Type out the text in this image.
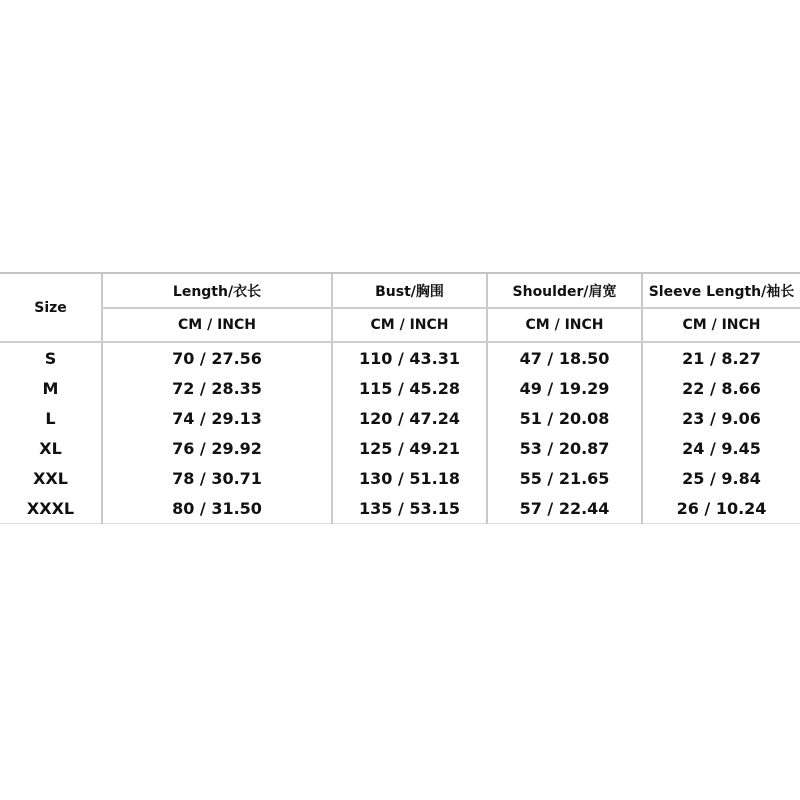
Size	Length/衣长	Bust/胸围	Shoulder/肩宽	Sleeve Length/袖长
	CM / INCH	CM / INCH	CM / INCH	CM / INCH
S	70 / 27.56	110 / 43.31	47 / 18.50	21 / 8.27
M	72 / 28.35	115 / 45.28	49 / 19.29	22 / 8.66
L	74 / 29.13	120 / 47.24	51 / 20.08	23 / 9.06
XL	76 / 29.92	125 / 49.21	53 / 20.87	24 / 9.45
XXL	78 / 30.71	130 / 51.18	55 / 21.65	25 / 9.84
XXXL	80 / 31.50	135 / 53.15	57 / 22.44	26 / 10.24
